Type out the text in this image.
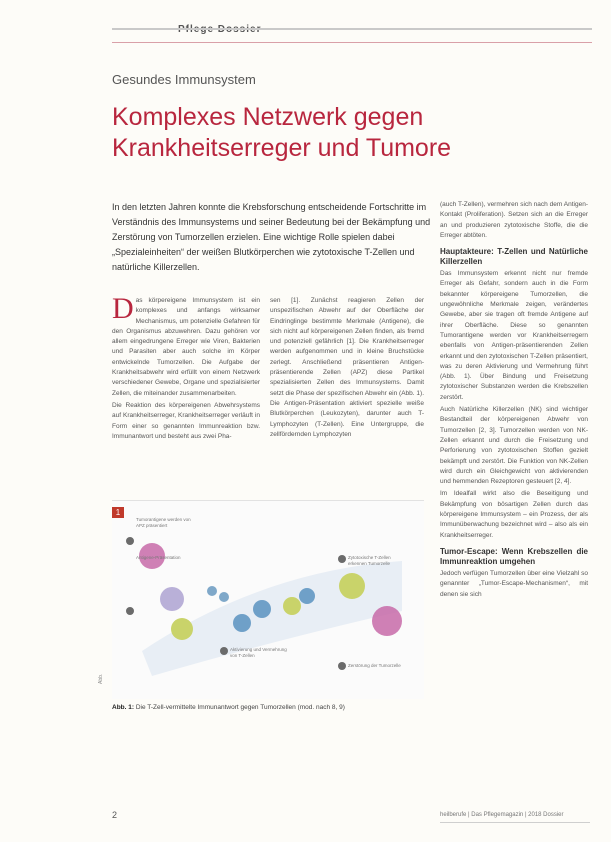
Gesundes Immunsystem
Komplexes Netzwerk gegen Krankheitserreger und Tumore

In den letzten Jahren konnte die Krebsforschung entscheidende Fortschritte im Verständnis des Immunsystems und seiner Bedeutung bei der Bekämpfung und Zerstörung von Tumorzellen erzielen. Eine wichtige Rolle spielen dabei „Spezialeinheiten“ der weißen Blutkörperchen wie zytotoxische T-Zellen und natürliche Killerzellen.

Das körpereigene Immunsystem ist ein komplexes und anfangs wirksamer Mechanismus, um potenzielle Gefahren für den Organismus abzuwehren. Dazu gehören vor allem eingedrungene Erreger wie Viren, Bakterien und Parasiten aber auch solche im Körper entwickelnde Tumorzellen. Die Aufgabe der Krankheitsabwehr wird erfüllt von einem Netzwerk verschiedener Gewebe, Organe und spezialisierter Zellen, die miteinander zusammenarbeiten.

Die Reaktion des körpereigenen Abwehrsystems auf Krankheitserreger, Krankheitserreger verläuft in Form einer so genannten Immunreaktion bzw. Immunantwort und besteht aus zwei Pha-

sen [1]. Zunächst reagieren Zellen der unspezifischen Abwehr auf der Oberfläche der Eindringlinge bestimmte Merkmale (Antigene), die sich nicht auf körpereigenen Zellen finden, als fremd und potenziell gefährlich [1]. Die Krankheitserreger werden aufgenommen und in kleine Bruchstücke zerlegt. Anschließend präsentieren Antigen-präsentierende Zellen (APZ) diese Partikel spezialisierten Zellen des Immunsystems. Damit setzt die Phase der spezifischen Abwehr ein (Abb. 1). Die Antigen-Präsentation aktiviert spezielle weiße Blutkörperchen (Leukozyten), darunter auch T-Lymphozyten (T-Zellen). Eine Untergruppe, die zellfördernden Lymphozyten

(auch T-Zellen), vermehren sich nach dem Antigen-Kontakt (Proliferation). Setzen sich an die Erreger an und produzieren zytotoxische Stoffe, die die Erreger abtöten.

Hauptakteure: T-Zellen und Natürliche Killerzellen

Das Immunsystem erkennt nicht nur fremde Erreger als Gefahr, sondern auch in die Form bekannter körpereigene Tumorzellen, die ungewöhnliche Merkmale zeigen, verändertes Gewebe, aber sie tragen oft fremde Antigene auf ihrer Oberfläche. Diese so genannten Tumorantigene werden vor Krankheitserregern ebenfalls von Antigen-präsentierenden Zellen erkannt und den zytotoxischen T-Zellen präsentiert, was zu deren Aktivierung und Vermehrung führt (Abb. 1). Über Bindung und Freisetzung zytotoxischer Substanzen werden die Krebszellen zerstört.

Auch Natürliche Killerzellen (NK) sind wichtiger Bestandteil der körpereigenen Abwehr von Tumorzellen [2, 3]. Tumorzellen werden von NK-Zellen erkannt und durch die Freisetzung und Perforierung von zytotoxischen Stoffen gezielt bekämpft und zerstört. Die Funktion von NK-Zellen wird durch ein Gleichgewicht von aktivierenden und hemmenden Rezeptoren gesteuert [2, 4].

Im Idealfall wirkt also die Beseitigung und Bekämpfung von bösartigen Zellen durch das körpereigene Immunsystem – ein Prozess, der als Immunüberwachung bezeichnet wird – also als ein Krankheitserreger.

Tumor-Escape: Wenn Krebszellen die Immunreaktion umgehen

Jedoch verfügen Tumorzellen über eine Vielzahl so genannter „Tumor-Escape-Mechanismen“, mit denen sie sich

1
Tumorantigene werden von APZ präsentiert
Antigene-Präsentation
Aktivierung und Vermehrung von T-Zellen
Zytotoxische T-Zellen erkennen Tumorzelle
Zerstörung der Tumorzelle
Abb.
Abb. 1: Die T-Zell-vermittelte Immunantwort gegen Tumorzellen (mod. nach 8, 9)
2	heilberufe | Das Pflegemagazin | 2018 Dossier
